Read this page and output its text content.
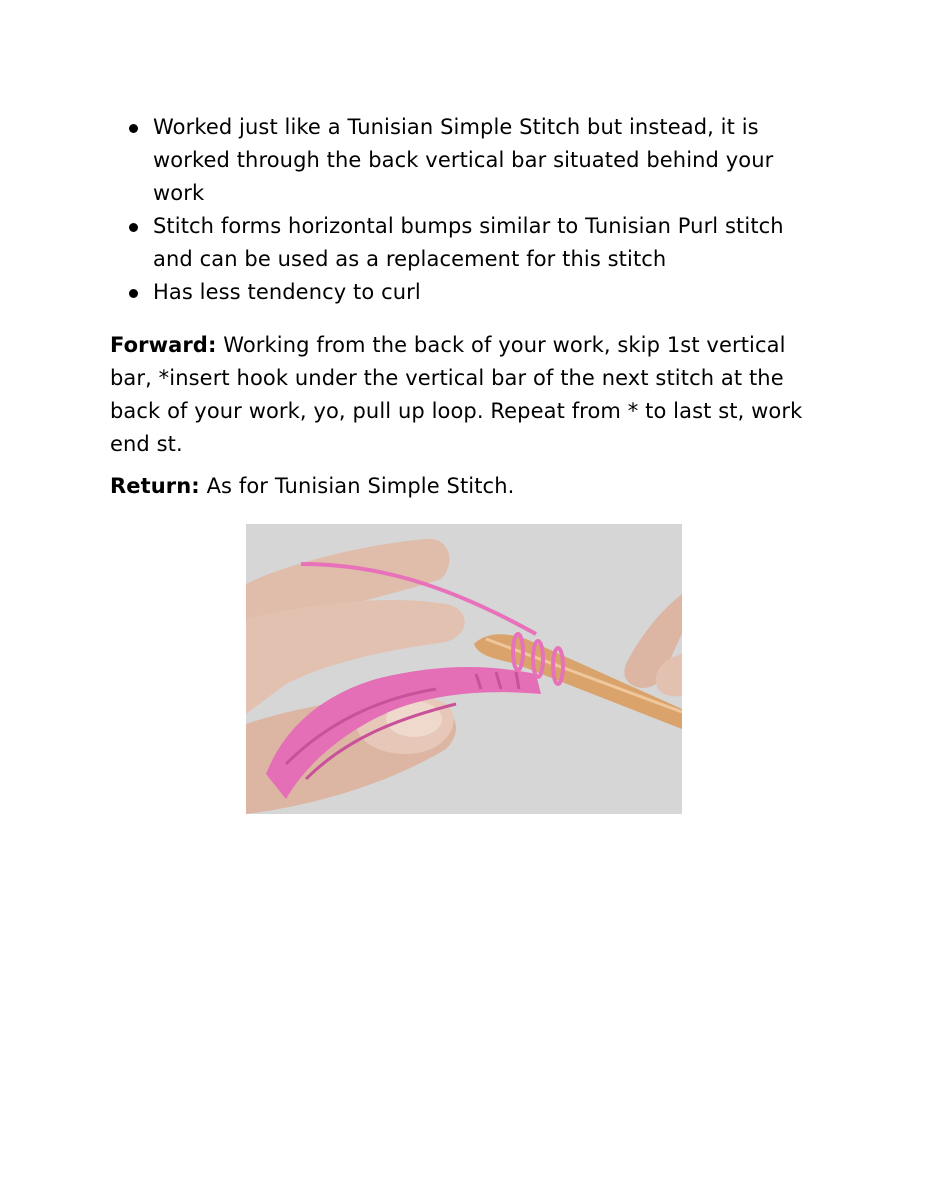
Worked just like a Tunisian Simple Stitch but instead, it is worked through the back vertical bar situated behind your work
Stitch forms horizontal bumps similar to Tunisian Purl stitch and can be used as a replacement for this stitch
Has less tendency to curl

Forward: Working from the back of your work, skip 1st vertical bar, *insert hook under the vertical bar of the next stitch at the back of your work, yo, pull up loop. Repeat from * to last st, work end st.

Return: As for Tunisian Simple Stitch.
